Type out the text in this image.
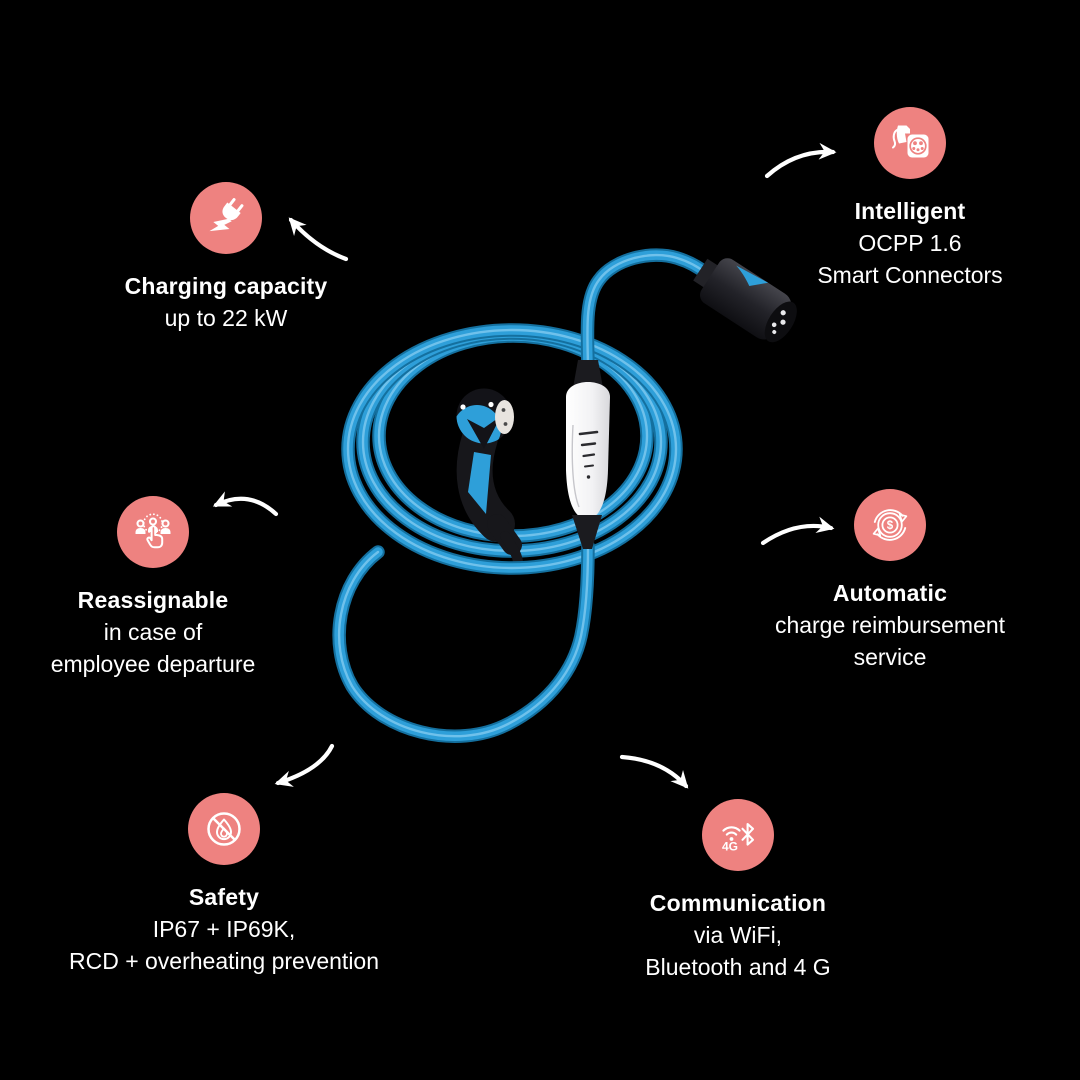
Charging capacity
up to 22 kW
Intelligent
OCPP 1.6
Smart Connectors
Reassignable
in case of
employee departure
$
Automatic
charge reimbursement
service
Safety
IP67 + IP69K,
RCD + overheating prevention
4G
Communication
via WiFi,
Bluetooth and 4 G
